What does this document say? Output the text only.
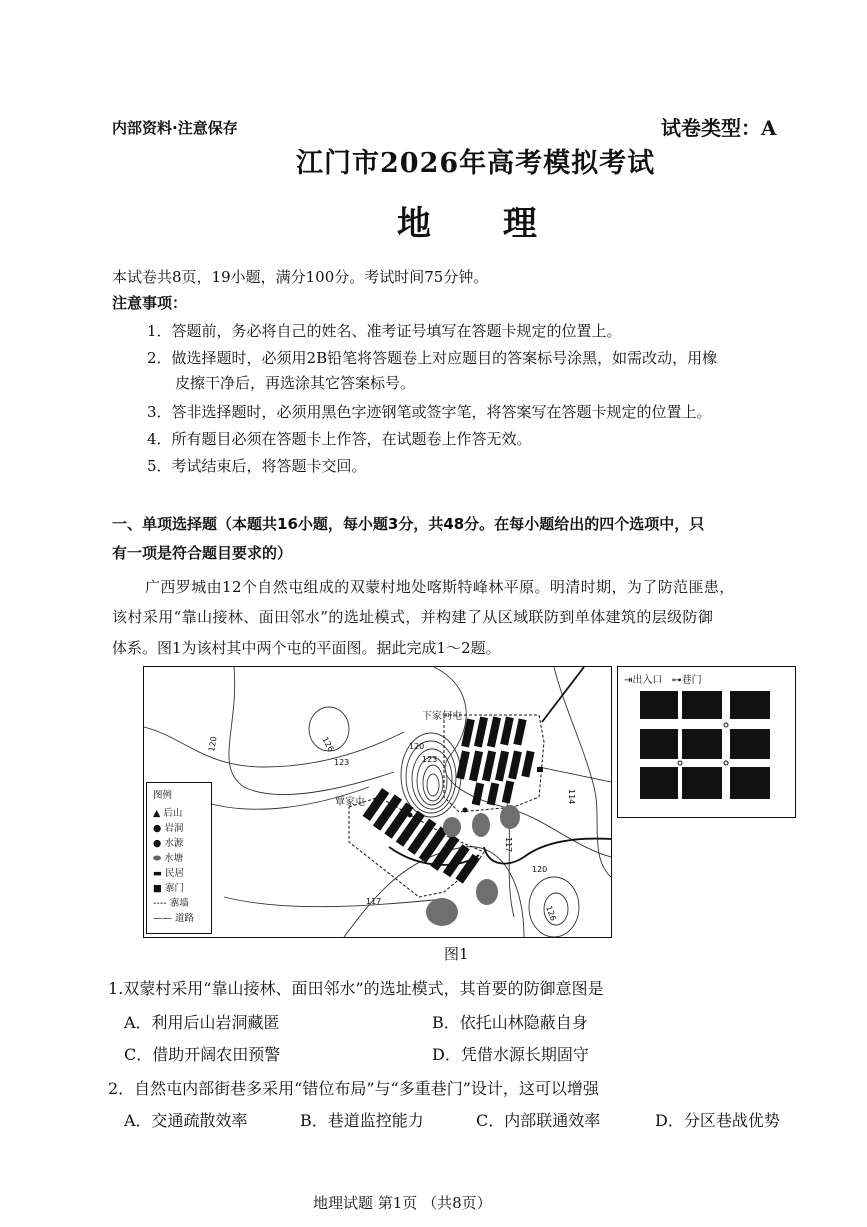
内部资料·注意保存	试卷类型：A
江门市2026年高考模拟考试
地 理
本试卷共8页，19小题，满分100分。考试时间75分钟。
注意事项：
1．答题前，务必将自己的姓名、准考证号填写在答题卡规定的位置上。
2．做选择题时，必须用2B铅笔将答题卷上对应题目的答案标号涂黑，如需改动，用橡
皮擦干净后，再选涂其它答案标号。
3．答非选择题时，必须用黑色字迹钢笔或签字笔，将答案写在答题卡规定的位置上。
4．所有题目必须在答题卡上作答，在试题卷上作答无效。
5．考试结束后，将答题卡交回。
一、单项选择题（本题共16小题，每小题3分，共48分。在每小题给出的四个选项中，只
有一项是符合题目要求的）
广西罗城由12个自然屯组成的双蒙村地处喀斯特峰林平原。明清时期，为了防范匪患，
该村采用“靠山接林、面田邻水”的选址模式，并构建了从区域联防到单体建筑的层级防御
体系。图1为该村其中两个屯的平面图。据此完成1～2题。
120	126
123
120
123
114
117
117
120
126
下家何屯
覃家屯
图例
▲ 后山
● 岩洞
● 水源
⬬ 水塘
▬ 民居
■ 寨门
---- 寨墙
—— 道路
⇥出入口 ⊶巷门
图1
1.双蒙村采用“靠山接林、面田邻水”的选址模式，其首要的防御意图是
A．利用后山岩洞藏匿	B．依托山林隐蔽自身
C．借助开阔农田预警	D．凭借水源长期固守
2．自然屯内部街巷多采用“错位布局”与“多重巷门”设计，这可以增强
A．交通疏散效率	B．巷道监控能力	C．内部联通效率	D．分区巷战优势
地理试题 第1页 （共8页）
